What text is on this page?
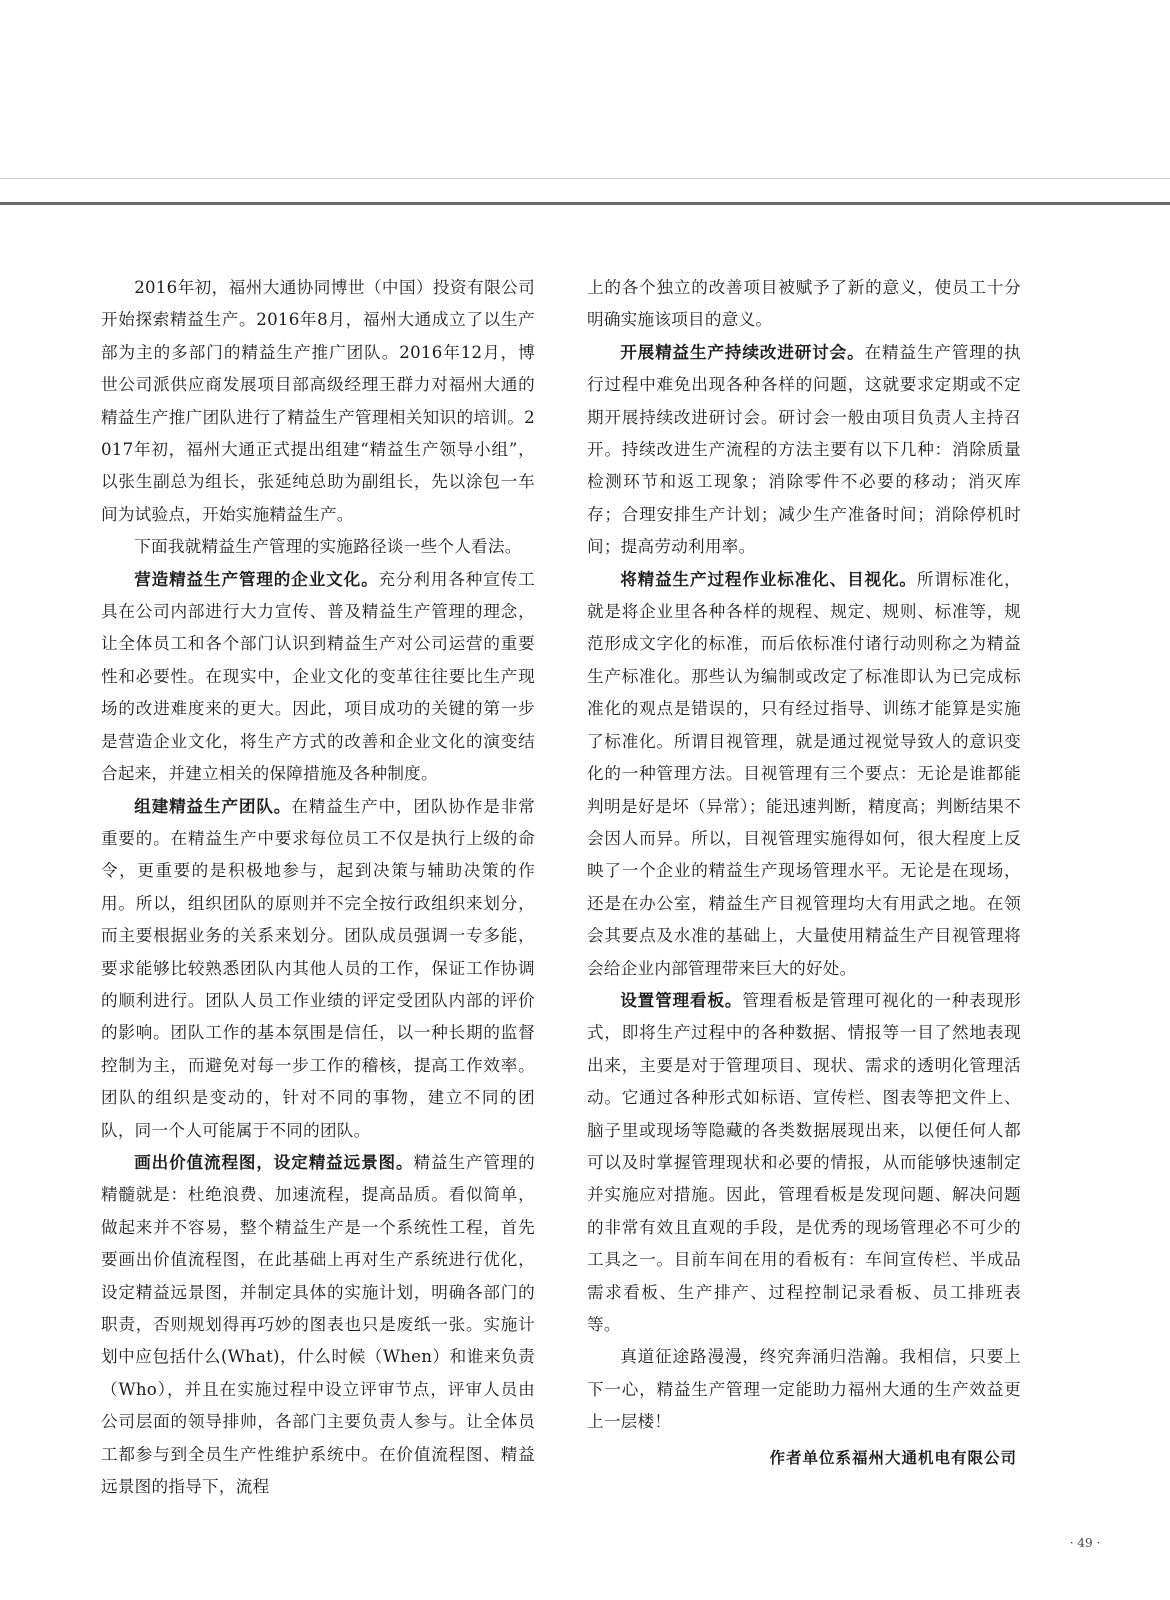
2016年初，福州大通协同博世（中国）投资有限公司开始探索精益生产。2016年8月，福州大通成立了以生产部为主的多部门的精益生产推广团队。2016年12月，博世公司派供应商发展项目部高级经理王群力对福州大通的精益生产推广团队进行了精益生产管理相关知识的培训。2017年初，福州大通正式提出组建“精益生产领导小组”，以张生副总为组长，张延纯总助为副组长，先以涂包一车间为试验点，开始实施精益生产。

下面我就精益生产管理的实施路径谈一些个人看法。

营造精益生产管理的企业文化。充分利用各种宣传工具在公司内部进行大力宣传、普及精益生产管理的理念，让全体员工和各个部门认识到精益生产对公司运营的重要性和必要性。在现实中，企业文化的变革往往要比生产现场的改进难度来的更大。因此，项目成功的关键的第一步是营造企业文化，将生产方式的改善和企业文化的演变结合起来，并建立相关的保障措施及各种制度。

组建精益生产团队。在精益生产中，团队协作是非常重要的。在精益生产中要求每位员工不仅是执行上级的命令，更重要的是积极地参与，起到决策与辅助决策的作用。所以，组织团队的原则并不完全按行政组织来划分，而主要根据业务的关系来划分。团队成员强调一专多能，要求能够比较熟悉团队内其他人员的工作，保证工作协调的顺利进行。团队人员工作业绩的评定受团队内部的评价的影响。团队工作的基本氛围是信任，以一种长期的监督控制为主，而避免对每一步工作的稽核，提高工作效率。团队的组织是变动的，针对不同的事物，建立不同的团队，同一个人可能属于不同的团队。

画出价值流程图，设定精益远景图。精益生产管理的精髓就是：杜绝浪费、加速流程，提高品质。看似简单，做起来并不容易，整个精益生产是一个系统性工程，首先要画出价值流程图，在此基础上再对生产系统进行优化，设定精益远景图，并制定具体的实施计划，明确各部门的职责，否则规划得再巧妙的图表也只是废纸一张。实施计划中应包括什么(What)，什么时候（When）和谁来负责（Who），并且在实施过程中设立评审节点，评审人员由公司层面的领导排帅，各部门主要负责人参与。让全体员工都参与到全员生产性维护系统中。在价值流程图、精益远景图的指导下，流程

上的各个独立的改善项目被赋予了新的意义，使员工十分明确实施该项目的意义。

开展精益生产持续改进研讨会。在精益生产管理的执行过程中难免出现各种各样的问题，这就要求定期或不定期开展持续改进研讨会。研讨会一般由项目负责人主持召开。持续改进生产流程的方法主要有以下几种：消除质量检测环节和返工现象；消除零件不必要的移动；消灭库存；合理安排生产计划；减少生产准备时间；消除停机时间；提高劳动利用率。

将精益生产过程作业标准化、目视化。所谓标准化，就是将企业里各种各样的规程、规定、规则、标准等，规范形成文字化的标准，而后依标准付诸行动则称之为精益生产标准化。那些认为编制或改定了标准即认为已完成标准化的观点是错误的，只有经过指导、训练才能算是实施了标准化。所谓目视管理，就是通过视觉导致人的意识变化的一种管理方法。目视管理有三个要点：无论是谁都能判明是好是坏（异常）；能迅速判断，精度高；判断结果不会因人而异。所以，目视管理实施得如何，很大程度上反映了一个企业的精益生产现场管理水平。无论是在现场，还是在办公室，精益生产目视管理均大有用武之地。在领会其要点及水准的基础上，大量使用精益生产目视管理将会给企业内部管理带来巨大的好处。

设置管理看板。管理看板是管理可视化的一种表现形式，即将生产过程中的各种数据、情报等一目了然地表现出来，主要是对于管理项目、现状、需求的透明化管理活动。它通过各种形式如标语、宣传栏、图表等把文件上、脑子里或现场等隐藏的各类数据展现出来，以便任何人都可以及时掌握管理现状和必要的情报，从而能够快速制定并实施应对措施。因此，管理看板是发现问题、解决问题的非常有效且直观的手段，是优秀的现场管理必不可少的工具之一。目前车间在用的看板有：车间宣传栏、半成品需求看板、生产排产、过程控制记录看板、员工排班表等。

真道征途路漫漫，终究奔涌归浩瀚。我相信，只要上下一心，精益生产管理一定能助力福州大通的生产效益更上一层楼！

作者单位系福州大通机电有限公司

· 49 ·
